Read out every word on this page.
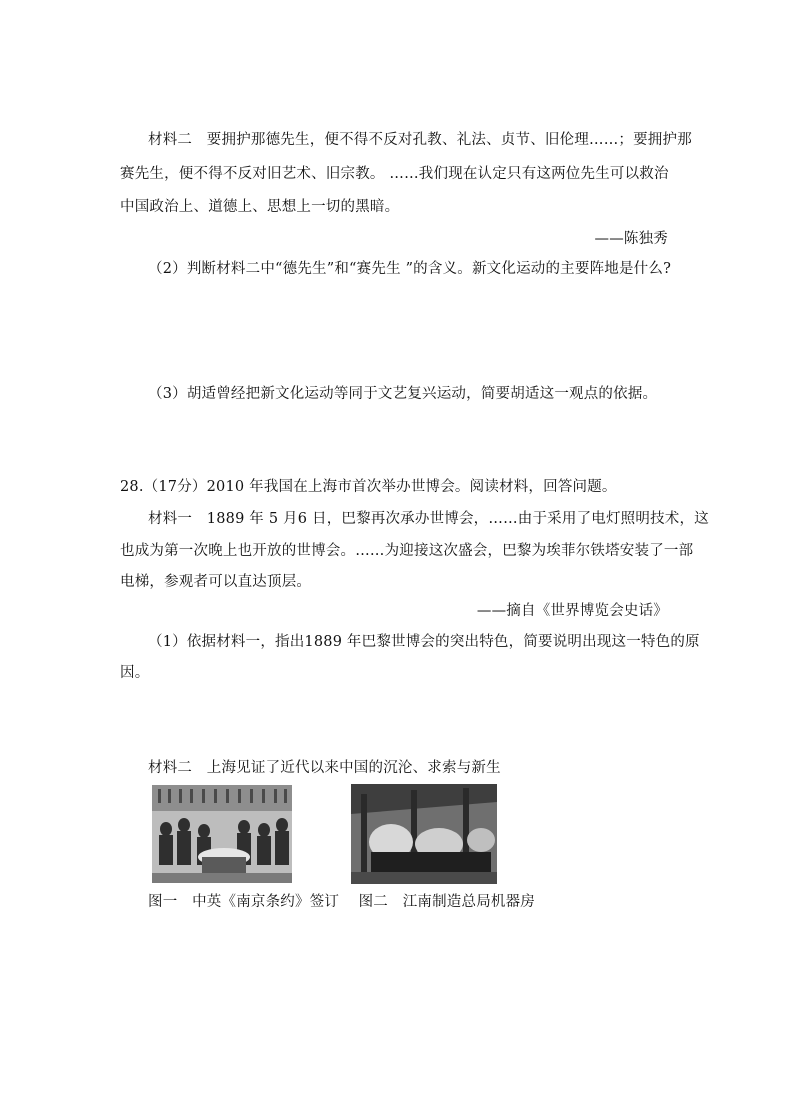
材料二　要拥护那德先生，便不得不反对孔教、礼法、贞节、旧伦理……；要拥护那
赛先生，便不得不反对旧艺术、旧宗教。 ……我们现在认定只有这两位先生可以救治
中国政治上、道德上、思想上一切的黑暗。
——陈独秀
（2）判断材料二中“德先生”和“赛先生 ”的含义。新文化运动的主要阵地是什么?
（3）胡适曾经把新文化运动等同于文艺复兴运动，简要胡适这一观点的依据。
28.（17分）2010 年我国在上海市首次举办世博会。阅读材料，回答问题。
材料一　1889 年 5 月6 日，巴黎再次承办世博会，……由于采用了电灯照明技术，这
也成为第一次晚上也开放的世博会。……为迎接这次盛会，巴黎为埃菲尔铁塔安装了一部
电梯，参观者可以直达顶层。
——摘自《世界博览会史话》
（1）依据材料一，指出1889 年巴黎世博会的突出特色，简要说明出现这一特色的原
因。
材料二　上海见证了近代以来中国的沉沦、求索与新生
图一　中英《南京条约》签订　 图二　江南制造总局机器房
